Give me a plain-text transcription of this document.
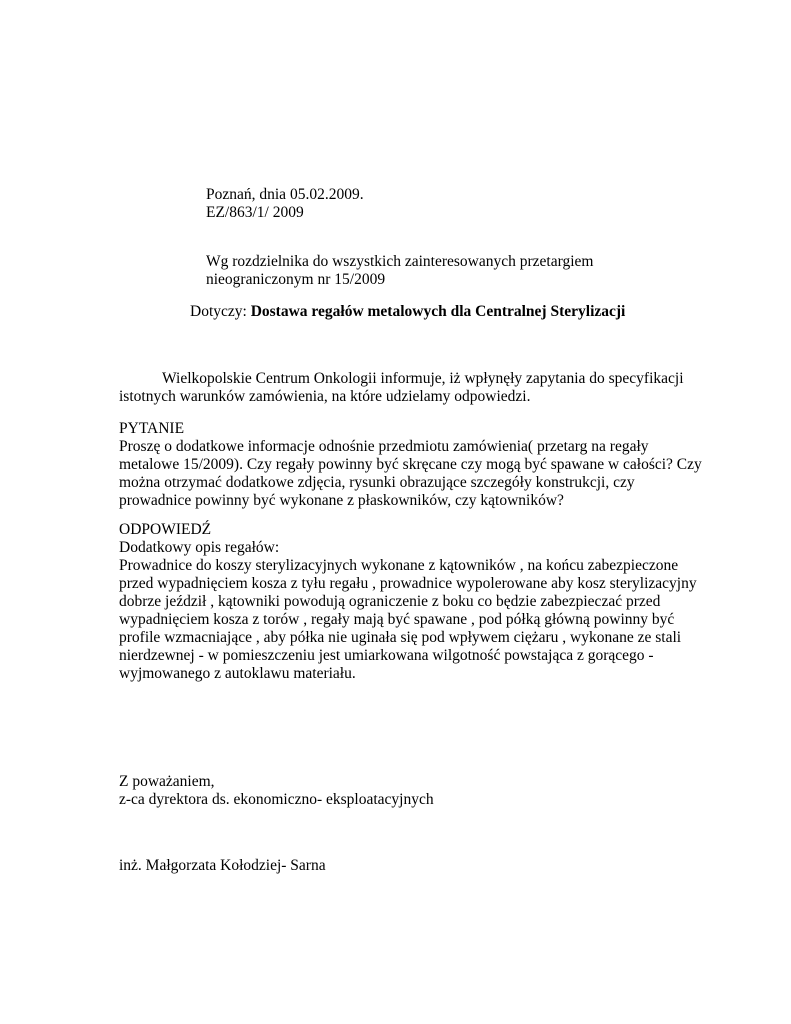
Poznań, dnia 05.02.2009.

EZ/863/1/ 2009

Wg rozdzielnika do wszystkich zainteresowanych przetargiem

nieograniczonym nr 15/2009

Dotyczy: Dostawa regałów metalowych dla Centralnej Sterylizacji

Wielkopolskie Centrum Onkologii informuje, iż wpłynęły zapytania do specyfikacji
istotnych warunków zamówienia, na które udzielamy odpowiedzi.

PYTANIE

Proszę o dodatkowe informacje odnośnie przedmiotu zamówienia( przetarg na regały

metalowe 15/2009). Czy regały powinny być skręcane czy mogą być spawane w całości? Czy

można otrzymać dodatkowe zdjęcia, rysunki obrazujące szczegóły konstrukcji, czy

prowadnice powinny być wykonane z płaskowników, czy kątowników?

ODPOWIEDŹ

Dodatkowy opis regałów:

Prowadnice do koszy sterylizacyjnych wykonane z kątowników , na końcu zabezpieczone

przed wypadnięciem kosza z tyłu regału , prowadnice wypolerowane aby kosz sterylizacyjny

dobrze jeździł , kątowniki powodują ograniczenie z boku co będzie zabezpieczać przed

wypadnięciem kosza z torów , regały mają być spawane , pod półką główną powinny być

profile wzmacniające , aby półka nie uginała się pod wpływem ciężaru , wykonane ze stali

nierdzewnej - w pomieszczeniu jest umiarkowana wilgotność powstająca z gorącego -

wyjmowanego z autoklawu materiału.

Z poważaniem,

z-ca dyrektora ds. ekonomiczno- eksploatacyjnych

inż. Małgorzata Kołodziej- Sarna
